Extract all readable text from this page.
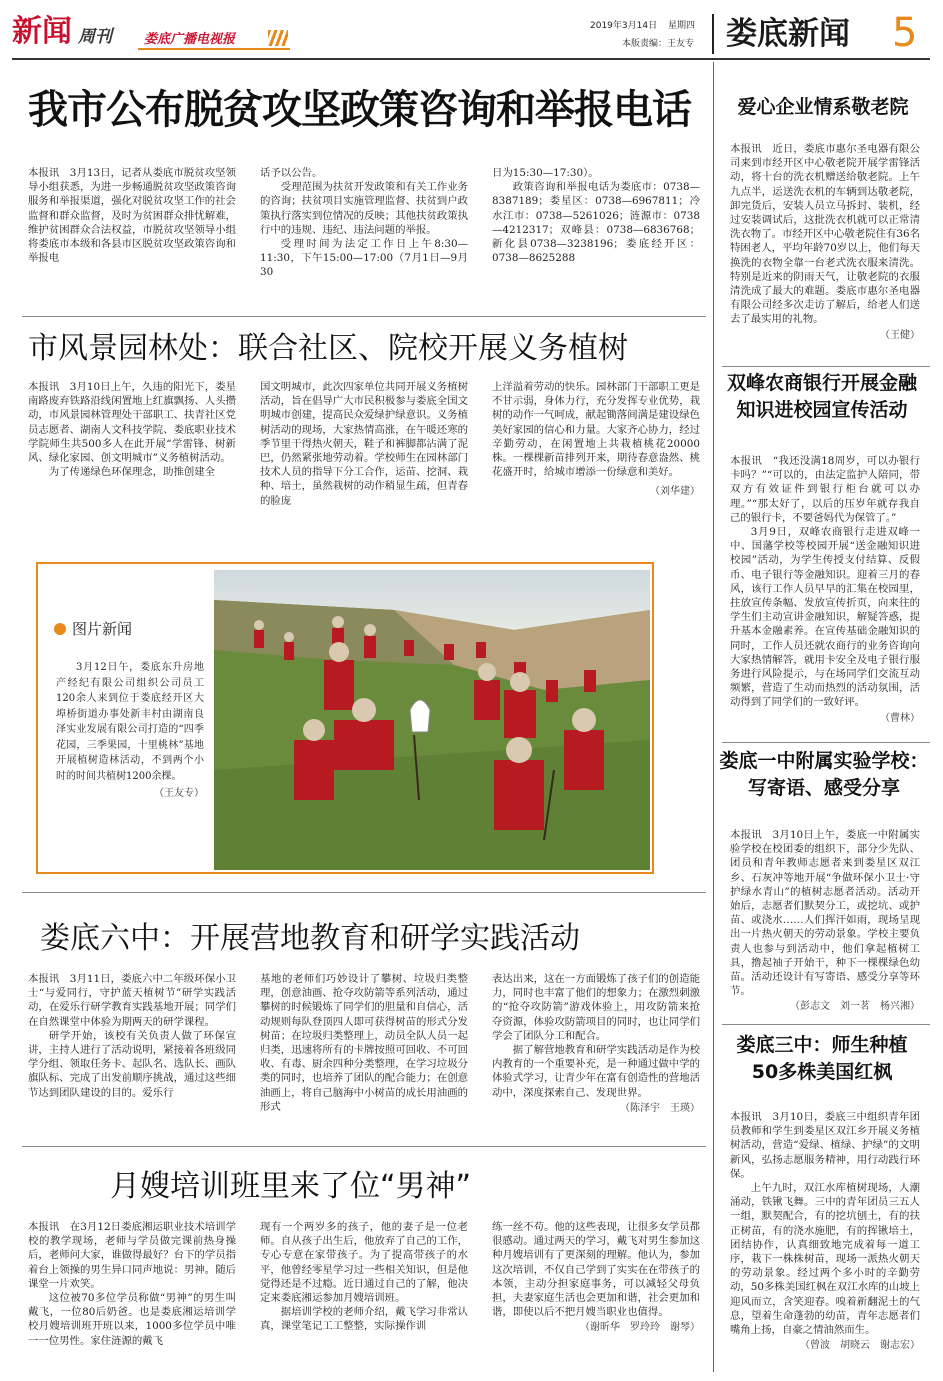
新闻 周刊 娄底广播电视报
2019年3月14日 星期四
本版责编：王友专 娄底新闻 5
我市公布脱贫攻坚政策咨询和举报电话

本报讯　3月13日，记者从娄底市脱贫攻坚领导小组获悉，为进一步畅通脱贫攻坚政策咨询服务和举报渠道，强化对脱贫攻坚工作的社会监督和群众监督，及时为贫困群众排忧解难，维护贫困群众合法权益，市脱贫攻坚领导小组将娄底市本级和各县市区脱贫攻坚政策咨询和举报电

话予以公告。

受理范围为扶贫开发政策和有关工作业务的咨询；扶贫项目实施管理监督、扶贫到户政策执行落实到位情况的反映；其他扶贫政策执行中的违规、违纪、违法问题的举报。

受理时间为法定工作日上午8:30—11:30，下午15:00—17:00（7月1日—9月30

日为15:30—17:30）。

政策咨询和举报电话为娄底市：0738—8387189；娄星区：0738—6967811；冷水江市：0738—5261026；涟源市：0738—4212317；双峰县：0738—6836768；新化县0738—3238196；娄底经开区：0738—8625288

市风景园林处：联合社区、院校开展义务植树

本报讯　3月10日上午，久违的阳光下，娄星南路废弃铁路沿线闲置地上红旗飘扬、人头攒动，市风景园林管理处干部职工、扶青社区党员志愿者、湖南人文科技学院、娄底职业技术学院师生共500多人在此开展“学雷锋、树新风、绿化家园、创文明城市”义务植树活动。

为了传递绿色环保理念，助推创建全

国文明城市，此次四家单位共同开展义务植树活动，旨在倡导广大市民积极参与娄底全国文明城市创建，提高民众爱绿护绿意识。义务植树活动的现场，大家热情高涨，在午暖还寒的季节里干得热火朝天，鞋子和裤脚都沾满了泥巴，仍然紧张地劳动着。学校师生在园林部门技术人员的指导下分工合作，运苗、挖洞、栽种、培土，虽然栽树的动作稍显生疏，但青春的脸庞

上洋溢着劳动的快乐。园林部门干部职工更是不甘示弱，身体力行，充分发挥专业优势，栽树的动作一气呵成，献起锄落间满是建设绿色美好家园的信心和力量。大家齐心协力，经过辛勤劳动，在闲置地上共栽植桃花20000株。一棵棵新苗排列开来，期待春意盎然、桃花盛开时，给城市增添一份绿意和美好。

（刘华建）
图片新闻

3月12日午，娄底东升房地产经纪有限公司组织公司员工120余人来到位于娄底经开区大埠桥街道办事处新丰村由湖南良泽实业发展有限公司打造的“四季花园，三季果园，十里桃林”基地开展植树造林活动，不到两个小时的时间共植树1200余棵。

（王友专）
娄底六中：开展营地教育和研学实践活动

本报讯　3月11日，娄底六中二年级环保小卫士“与爱同行，守护蓝天植树节”研学实践活动，在爱乐行研学教育实践基地开展；同学们在自然课堂中体验为期两天的研学课程。

研学开始，该校有关负责人做了环保宣讲，主持人进行了活动说明，紧接着各班级同学分组、领取任务卡、起队名、选队长、画队旗队标、完成了出发前顺序挑战，通过这些细节达到团队建设的目的。爱乐行

基地的老师们巧妙设计了攀树、垃圾归类整理，创意油画、抢夺攻防箭等系列活动，通过攀树的时候锻炼了同学们的胆量和自信心，活动规则每队登顶四人即可获得树苗的形式分发树苗；在垃圾归类整理上，动员全队人员一起归类，迅速将所有的卡牌按照可回收、不可回收、有毒、厨余四种分类整理，在学习垃圾分类的同时，也培养了团队的配合能力；在创意油画上，将自己脑海中小树苗的成长用油画的形式

表达出来，这在一方面锻炼了孩子们的创造能力，同时也丰富了他们的想象力；在激烈刺激的“抢夺攻防箭”游戏体验上，用攻防箭来抢夺资源，体验攻防箭项目的同时，也让同学们学会了团队分工和配合。

据了解营地教育和研学实践活动是作为校内教育的一个重要补充，是一种通过做中学的体验式学习，让青少年在富有创造性的营地活动中，深度探索自己、发现世界。

（陈泽宇　王瑛）
月嫂培训班里来了位“男神”

本报讯　在3月12日娄底湘运职业技术培训学校的教学现场，老师与学员做完课前热身操后，老师问大家，谁做得最好？台下的学员指着台上领操的男生异口同声地说：男神。随后课堂一片欢笑。

这位被70多位学员称做“男神”的男生叫戴飞，一位80后奶爸。也是娄底湘运培训学校月嫂培训班开班以来，1000多位学员中唯一一位男性。家住涟源的戴飞

现有一个两岁多的孩子，他的妻子是一位老师。自从孩子出生后，他放弃了自己的工作，专心专意在家带孩子。为了提高带孩子的水平，他曾经零星学习过一些相关知识，但是他觉得还是不过瘾。近日通过自己的了解，他决定来娄底湘运参加月嫂培训班。

据培训学校的老师介绍，戴飞学习非常认真，课堂笔记工工整整，实际操作训

练一丝不苟。他的这些表现，让很多女学员都很感动。通过两天的学习，戴飞对男生参加这种月嫂培训有了更深刻的理解。他认为，参加这次培训，不仅自己学到了实实在在带孩子的本领，主动分担家庭事务，可以减轻父母负担，夫妻家庭生活也会更加和谐，社会更加和谐，即使以后不把月嫂当职业也值得。

（谢昕华　罗玲玲　谢琴）
爱心企业情系敬老院

本报讯　近日，娄底市惠尔圣电器有限公司来到市经开区中心敬老院开展学雷锋活动，将十台的洗衣机赠送给敬老院。上午九点半，运送洗衣机的车辆到达敬老院，卸完货后，安装人员立马拆封、装机，经过安装调试后，这批洗衣机就可以正常清洗衣物了。市经开区中心敬老院住有36名特困老人，平均年龄70岁以上，他们每天换洗的衣物全靠一台老式洗衣服来清洗。特别是近来的阴雨天气，让敬老院的衣服清洗成了最大的难题。娄底市惠尔圣电器有限公司经多次走访了解后，给老人们送去了最实用的礼物。

（王健）
双峰农商银行开展金融
知识进校园宣传活动

本报讯　“我还没满18周岁，可以办银行卡吗？”“可以的，由法定监护人陪同，带双方有效证件到银行柜台就可以办理。”“那太好了，以后的压岁年就存我自己的银行卡，不要爸妈代为保管了。”

3月9日，双峰农商银行走进双峰一中、国藩学校等校园开展“送金融知识进校园”活动，为学生传授支付结算、反假币、电子银行等金融知识。迎着三月的春风，该行工作人员早早的汇集在校园里，拄放宣传条幅、发放宣传折页，向来往的学生们主动宣讲金融知识，解疑答惑，提升基本金融素养。在宣传基础金融知识的同时，工作人员还就农商行的业务咨询向大家热情解答，就用卡安全及电子银行服务进行风险提示，与在场同学们交流互动频繁，营造了生动而热烈的活动氛围，活动得到了同学们的一致好评。

（曹林）
娄底一中附属实验学校：
写寄语、感受分享

本报讯　3月10日上午，娄底一中附属实验学校在校团委的组织下，部分少先队、团员和青年教师志愿者来到娄星区双江乡、石灰冲等地开展“争做环保小卫士·守护绿水青山”的植树志愿者活动。活动开始后，志愿者们默契分工，或挖坑、或护苗、或浇水……人们挥汗如雨，现场呈现出一片热火朝天的劳动景象。学校主要负责人也参与到活动中，他们拿起植树工具，撸起袖子开始干，种下一棵棵绿色幼苗。活动还设计有写寄语、感受分享等环节。

（彭志文　刘一茗　杨兴湘）
娄底三中：师生种植
50多株美国红枫

本报讯　3月10日，娄底三中组织青年团员教师和学生到娄星区双江乡开展义务植树活动，营造“爱绿、植绿、护绿”的文明新风，弘扬志愿服务精神，用行动践行环保。

上午九时，双江水库植树现场，人潮涌动，铁锹飞舞。三中的青年团员三五人一组，默契配合，有的挖坑刨土，有的扶正树苗，有的浇水施肥，有的挥锹培土，团结协作，认真细致地完成着每一道工序，栽下一株株树苗，现场一派热火朝天的劳动景象。经过两个多小时的辛勤劳动，50多株美国红枫在双江水库的山坡上迎风而立，含笑迎春。嗅着新翻泥土的气息，望着生命蓬勃的幼苗，青年志愿者们嘴角上扬，自豪之情油然而生。

（曾波　胡晓云　谢志宏）
